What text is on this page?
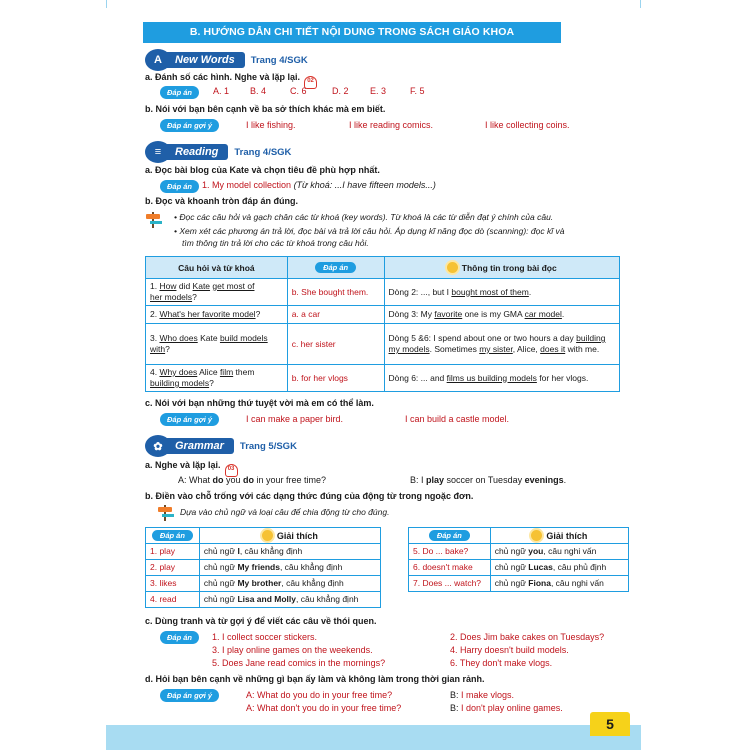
B. HƯỚNG DẪN CHI TIẾT NỘI DUNG TRONG SÁCH GIÁO KHOA
A	New Words	Trang 4/SGK
a. Đánh số các hình. Nghe và lặp lại. 02
Đáp án	A. 1 B. 4	C. 6	D. 2 E. 3	F. 5
b. Nói với bạn bên cạnh về ba sở thích khác mà em biết.
Đáp án gợi ý	I like fishing.	I like reading comics.	I like collecting coins.
≡	Reading	Trang 4/SGK
a. Đọc bài blog của Kate và chọn tiêu đề phù hợp nhất.
Đáp án	1. My model collection (Từ khoá: ...I have fifteen models...)
b. Đọc và khoanh tròn đáp án đúng.
• Đọc các câu hỏi và gạch chân các từ khoá (key words). Từ khoá là các từ diễn đạt ý chính của câu.
• Xem xét các phương án trả lời, đọc bài và trả lời câu hỏi. Áp dụng kĩ năng đọc dò (scanning): đọc kĩ và
tìm thông tin trả lời cho các từ khoá trong câu hỏi.
Câu hỏi và từ khoá	Đáp án	Thông tin trong bài đọc
1. How did Kate get most of
her models?	b. She bought them.	Dòng 2: ..., but I bought most of them.
2. What's her favorite model?	a. a car	Dòng 3: My favorite one is my GMA car model.
3. Who does Kate build models
with?	c. her sister	Dòng 5 &6: I spend about one or two hours a day building my models. Sometimes my sister, Alice, does it with me.
4. Why does Alice film them
building models?	b. for her vlogs	Dòng 6: ... and films us building models for her vlogs.
c. Nói với bạn những thứ tuyệt vời mà em có thể làm.
Đáp án gợi ý	I can make a paper bird.	I can build a castle model.
✿	Grammar	Trang 5/SGK
a. Nghe và lặp lại. 03
A: What do you do in your free time?	B: I play soccer on Tuesday evenings.
b. Điền vào chỗ trống với các dạng thức đúng của động từ trong ngoặc đơn.
Dựa vào chủ ngữ và loại câu để chia động từ cho đúng.
Đáp án	Giải thích
1. play	chủ ngữ I, câu khẳng định
2. play	chủ ngữ My friends, câu khẳng định
3. likes	chủ ngữ My brother, câu khẳng định
4. read	chủ ngữ Lisa and Molly, câu khẳng định
Đáp án	Giải thích
5. Do ... bake?	chủ ngữ you, câu nghi vấn
6. doesn't make	chủ ngữ Lucas, câu phủ định
7. Does ... watch?	chủ ngữ Fiona, câu nghi vấn
c. Dùng tranh và từ gợi ý để viết các câu về thói quen.
Đáp án	1. I collect soccer stickers.	2. Does Jim bake cakes on Tuesdays?
3. I play online games on the weekends.	4. Harry doesn't build models.
5. Does Jane read comics in the mornings?	6. They don't make vlogs.
d. Hỏi bạn bên cạnh về những gì bạn ấy làm và không làm trong thời gian rảnh.
Đáp án gợi ý	A: What do you do in your free time?	B: I make vlogs.
A: What don't you do in your free time?	B: I don't play online games.
5
